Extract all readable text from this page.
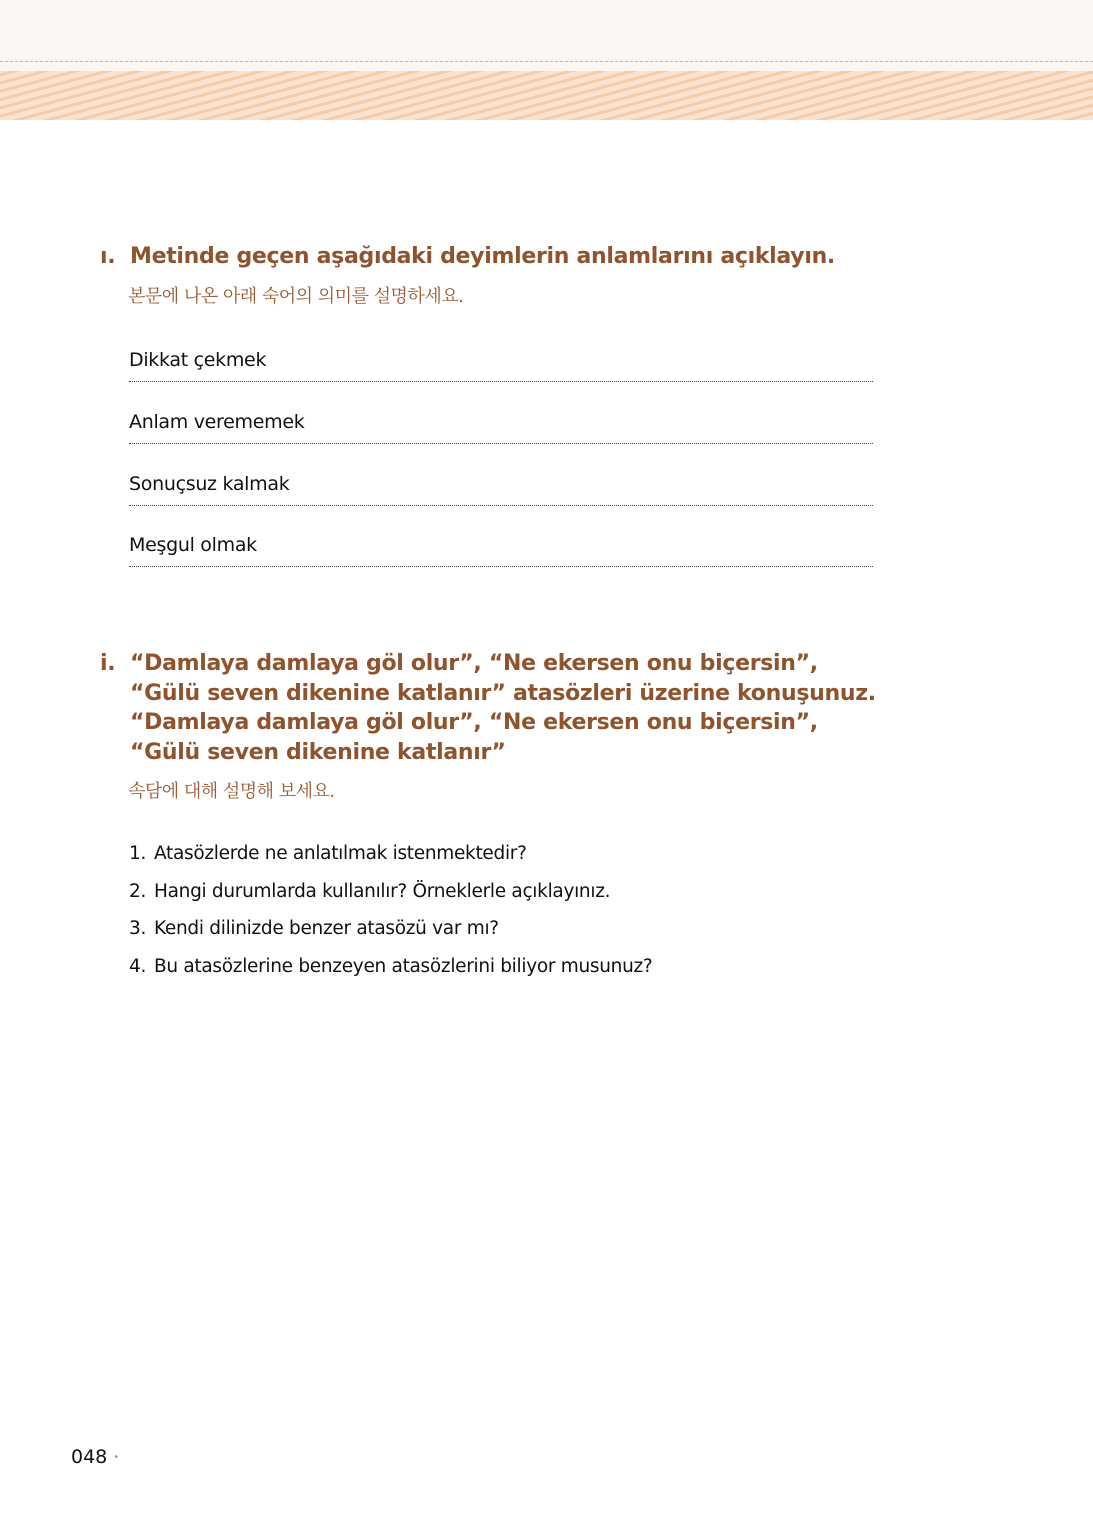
ı. Metinde geçen aşağıdaki deyimlerin anlamlarını açıklayın.
본문에 나온 아래 숙어의 의미를 설명하세요.
Dikkat çekmek
Anlam verememek
Sonuçsuz kalmak
Meşgul olmak
i. “Damlaya damlaya göl olur”, “Ne ekersen onu biçersin”,
“Gülü seven dikenine katlanır” atasözleri üzerine konuşunuz.
“Damlaya damlaya göl olur”, “Ne ekersen onu biçersin”,
“Gülü seven dikenine katlanır”
속담에 대해 설명해 보세요.
1. Atasözlerde ne anlatılmak istenmektedir?
2. Hangi durumlarda kullanılır? Örneklerle açıklayınız.
3. Kendi dilinizde benzer atasözü var mı?
4. Bu atasözlerine benzeyen atasözlerini biliyor musunuz?
048 •
